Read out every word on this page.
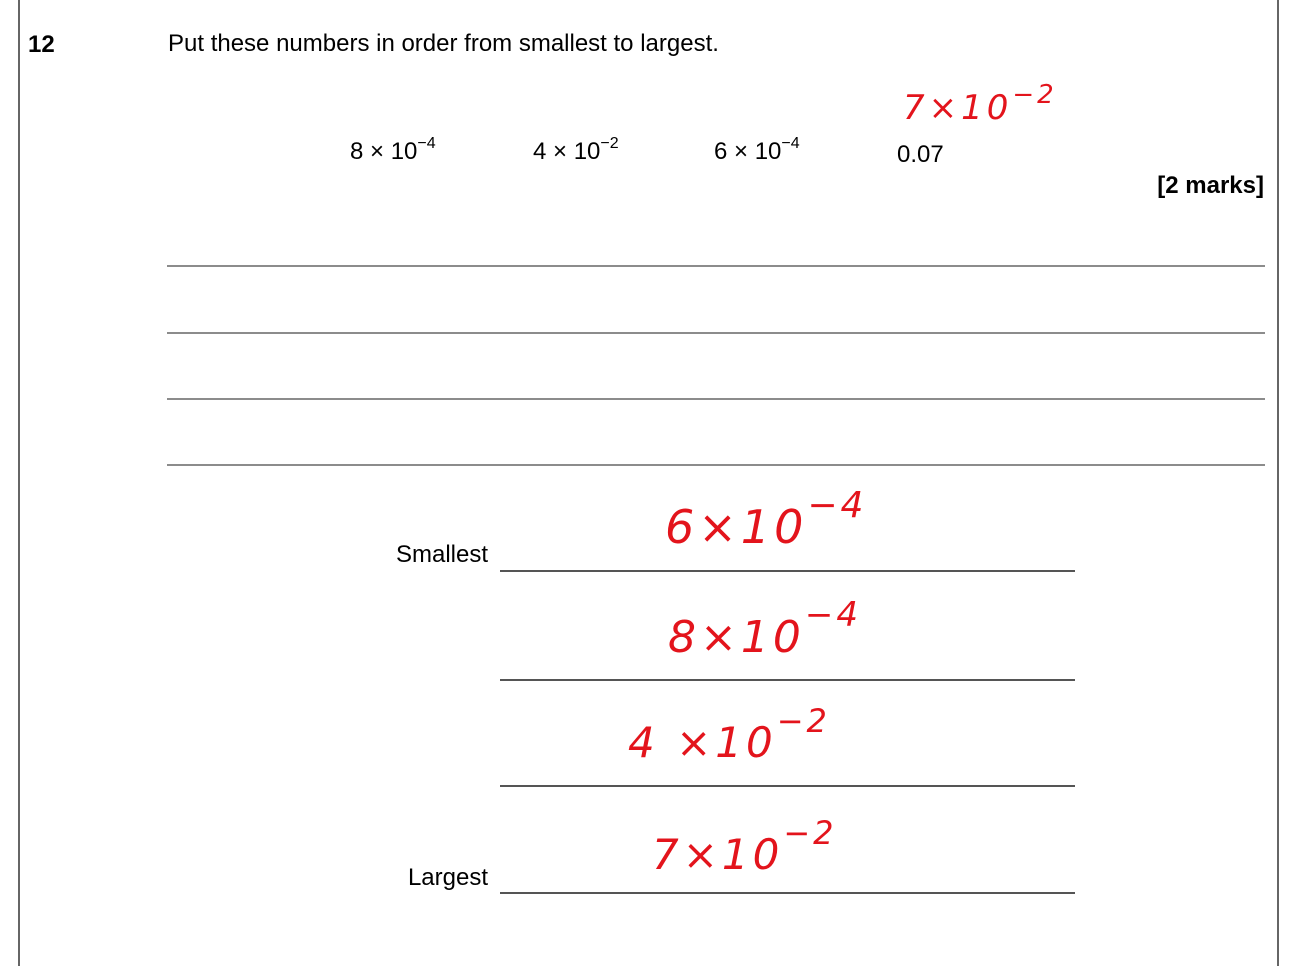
12	Put these numbers in order from smallest to largest.
$8 \times 10^{-4}$	$4 \times 10^{-2}$	$6 \times 10^{-4}$	0.07
$7\times 10^{-2}$
[2 marks]
Smallest
Largest
$6\times 10^{-4}$
$8\times 10^{-4}$
$4 \times 10^{-2}$
$7\times 10^{-2}$
